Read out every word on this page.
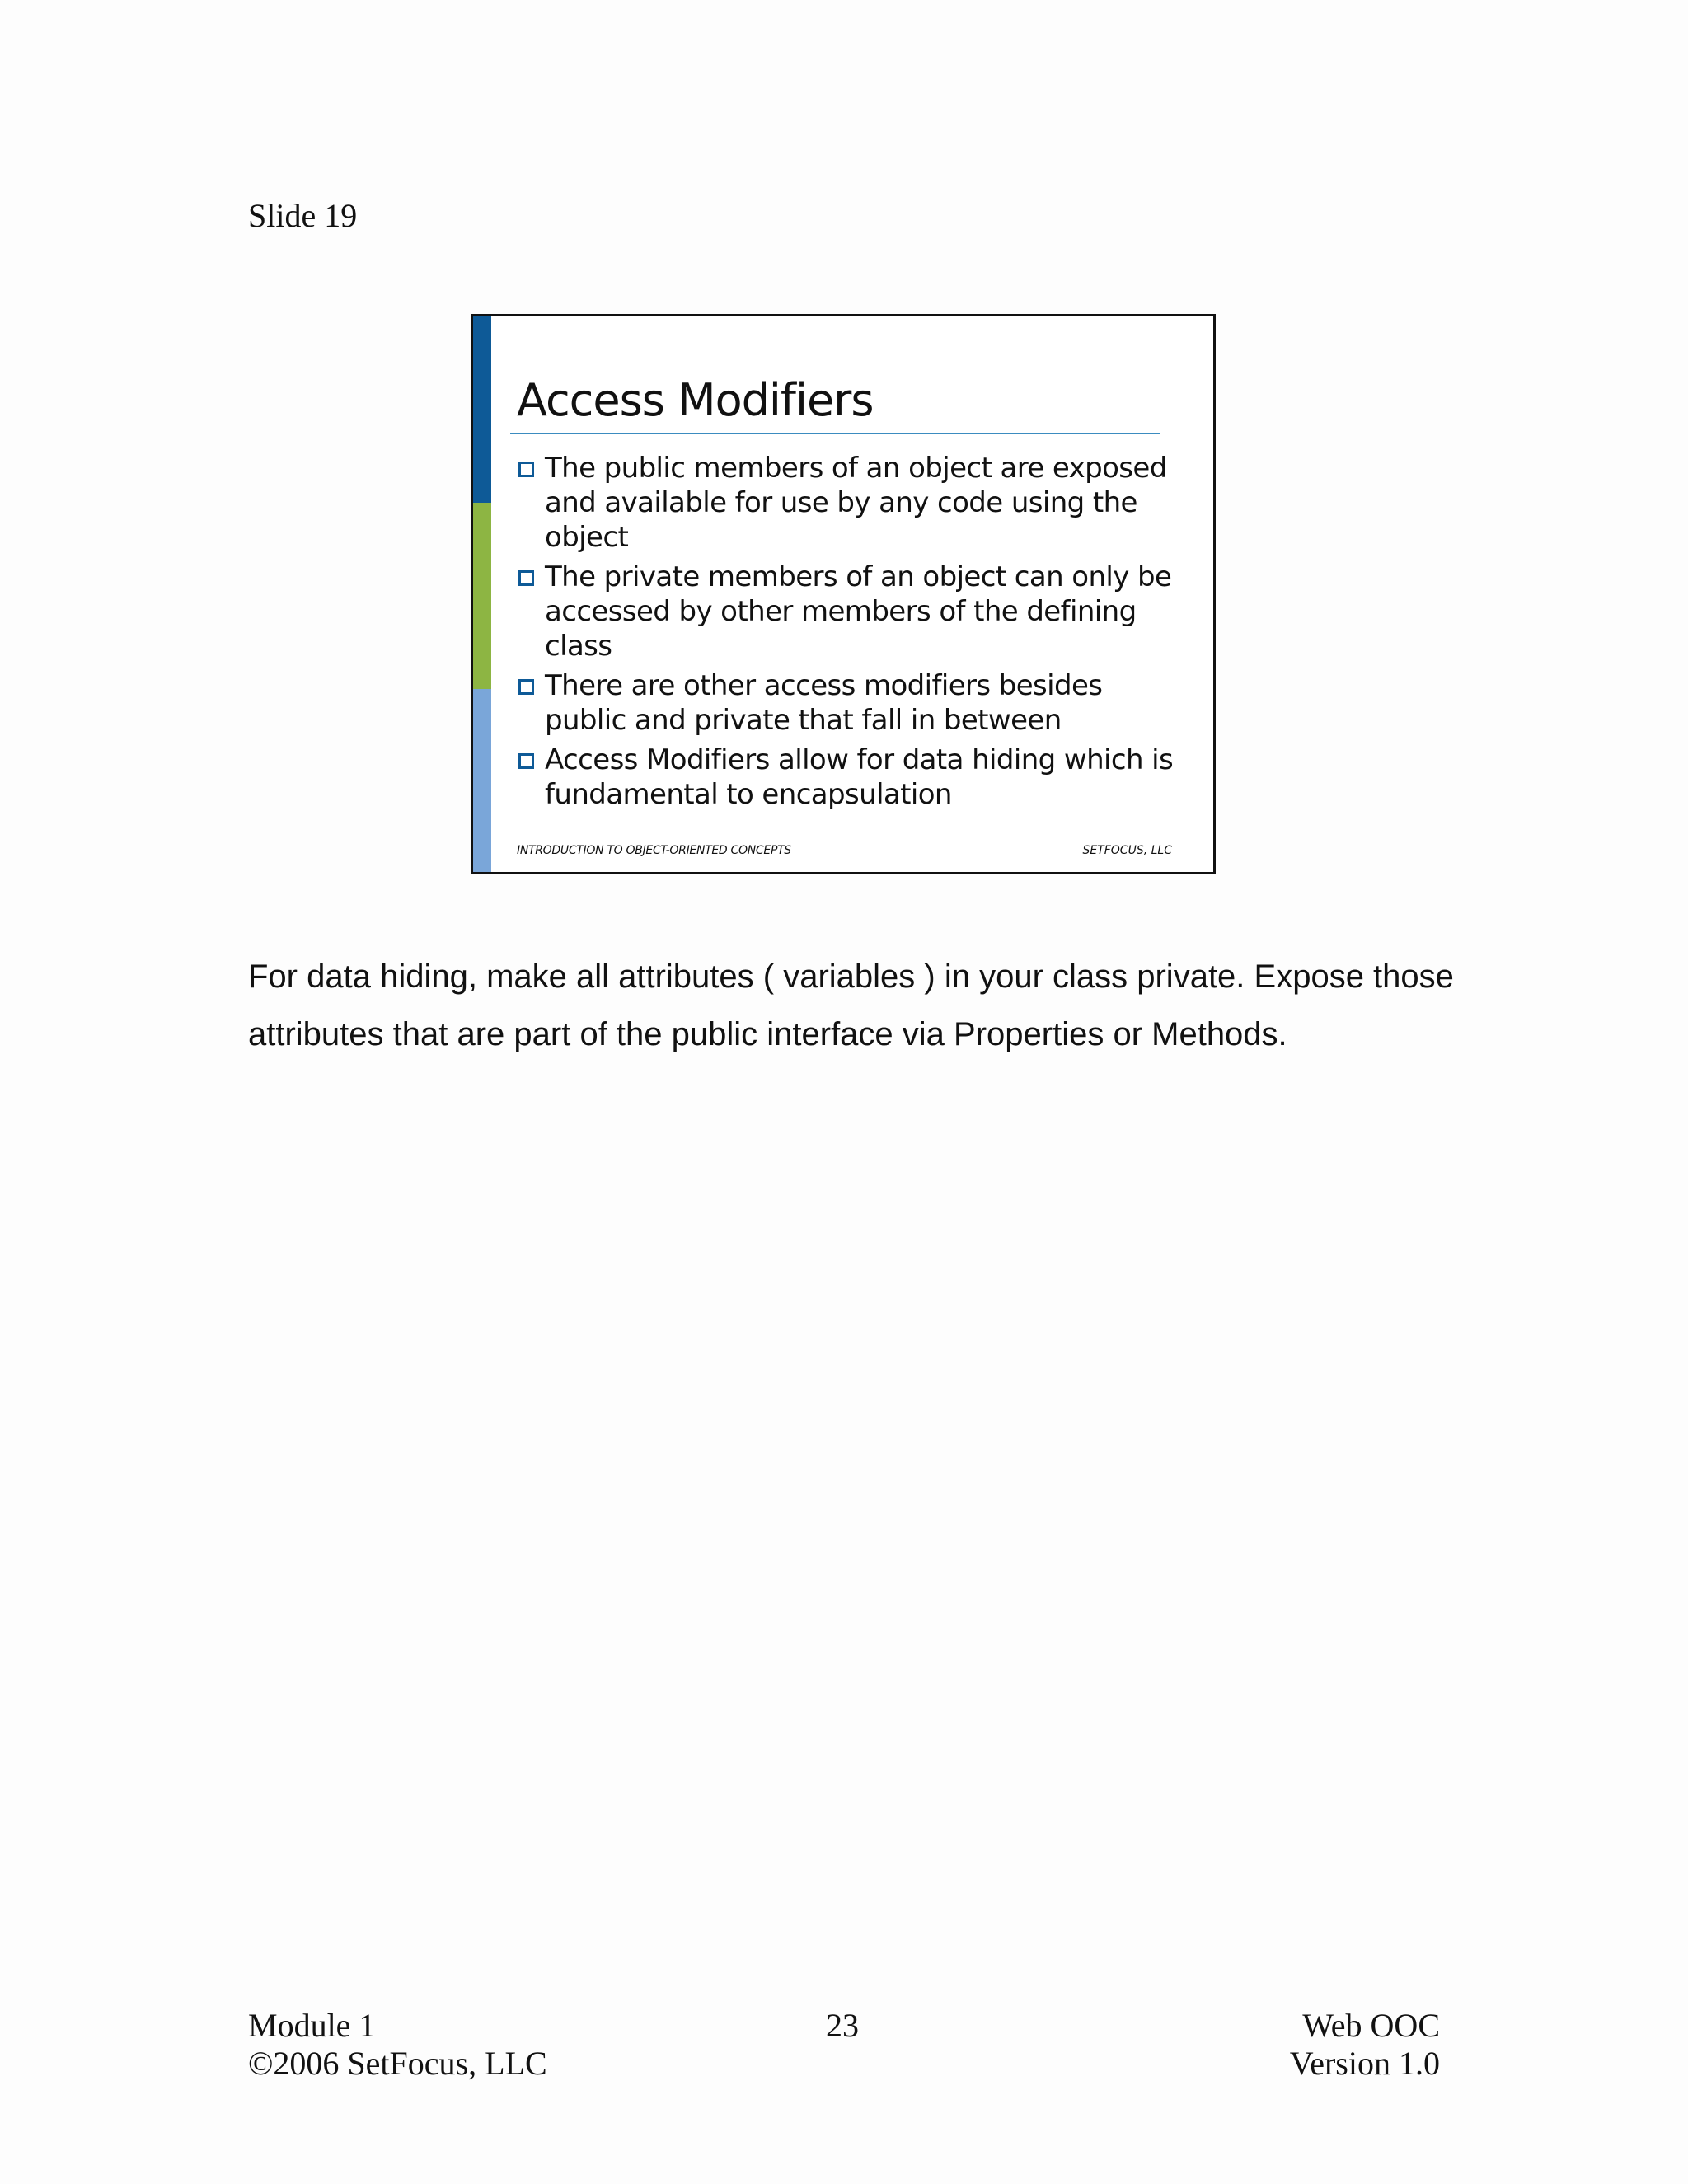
Slide 19
Access Modifiers
The public members of an object are exposed and available for use by any code using the object
The private members of an object can only be accessed by other members of the defining class
There are other access modifiers besides public and private that fall in between
Access Modifiers allow for data hiding which is fundamental to encapsulation
INTRODUCTION TO OBJECT-ORIENTED CONCEPTS	SETFOCUS, LLC
For data hiding, make all attributes ( variables ) in your class private. Expose those attributes that are part of the public interface via Properties or Methods.
Module 1
©2006 SetFocus, LLC
23	Web OOC
Version 1.0
